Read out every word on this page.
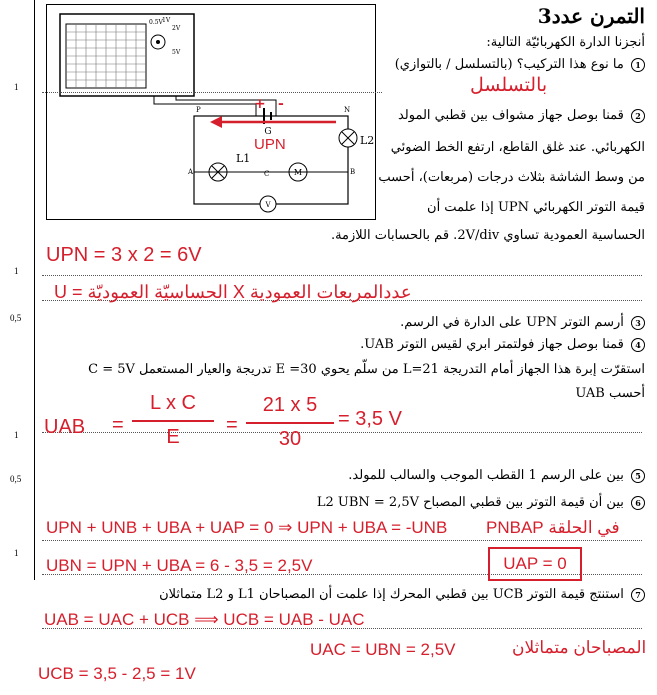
1
1
0,5
1
0,5
1
0.5V 1V
2V
5V
G
+ -
UPN
P	N
A	B
L2
L1
C	M
V
التمرن عدد3
أنجزنا الدارة الكهربائيّة التالية:
1 ما نوع هذا التركيب؟ (بالتسلسل / بالتوازي)
بالتسلسل
2 قمنا بوصل جهاز مشواف بين قطبي المولد
الكهربائي. عند غلق القاطع، ارتفع الخط الضوئي
من وسط الشاشة بثلاث درجات (مربعات)، أحسب
قيمة التوتر الكهربائي UPN إذا علمت أن
الحساسية العمودية تساوي 2V/div. قم بالحسابات اللازمة.
UPN = 3 x 2 = 6V
U = الحساسيّة العموديّة X عددالمربعات العمودية
3 أرسم التوتر UPN على الدارة في الرسم.
4 قمنا بوصل جهاز فولتمتر ابري لقيس التوتر UAB.
استقرّت إبرة هذا الجهاز أمام التدريجة L=21 من سلّم يحوي E =30 تدريجة والعيار المستعمل C = 5V
أحسب UAB
UAB =
L x C
E
=
21 x 5
30
= 3,5 V
5 بين على الرسم 1 القطب الموجب والسالب للمولد.
6 بين أن قيمة التوتر بين قطبي المصباح L2 UBN = 2,5V
UPN + UNB + UBA + UAP = 0 ⇒ UPN + UBA = -UNB في الحلقة PNBAP
UBN = UPN + UBA = 6 - 3,5 = 2,5V	UAP = 0
7 استنتج قيمة التوتر UCB بين قطبي المحرك إذا علمت أن المصباحان L1 و L2 متماثلان
UAB = UAC + UCB ⟹ UCB = UAB - UAC
UAC = UBN = 2,5V	المصباحان متماثلان
UCB = 3,5 - 2,5 = 1V
